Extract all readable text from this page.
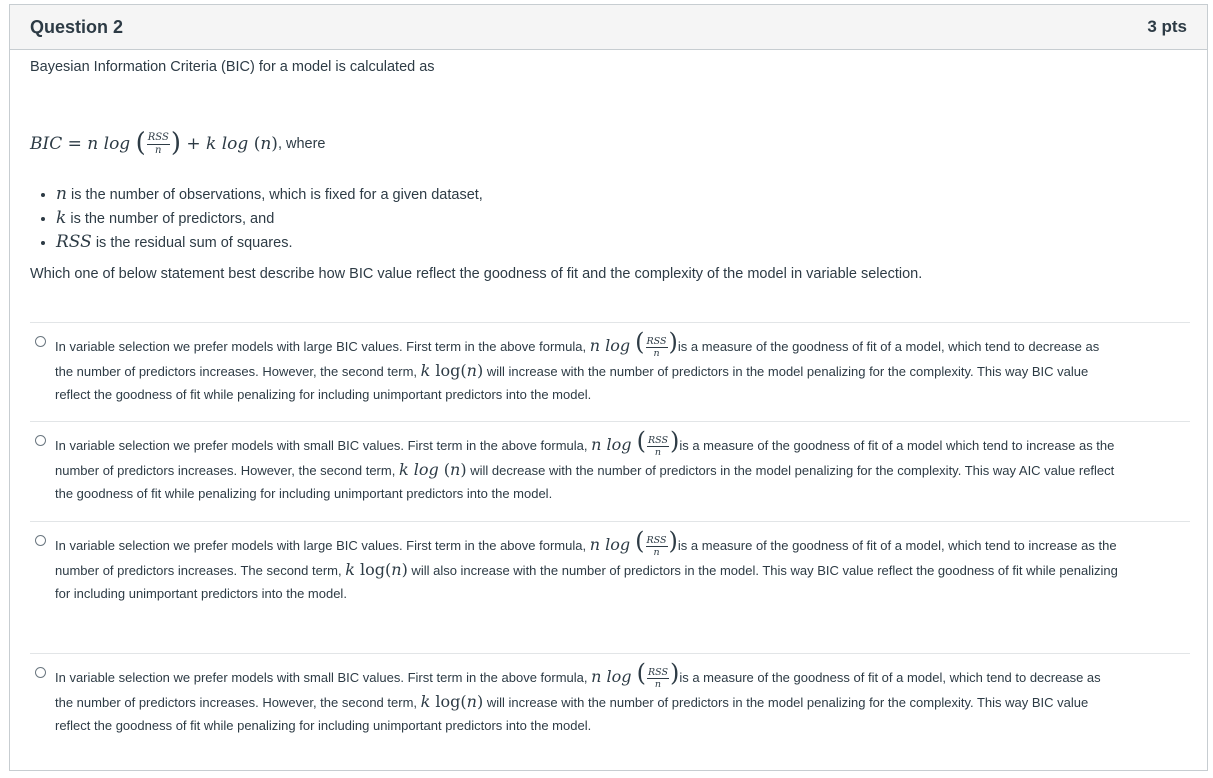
Question 2	3 pts
Bayesian Information Criteria (BIC) for a model is calculated as
BIC = n log ( $\frac{\text{RSS}}{n}$ ) + k log (n) , where
• n is the number of observations, which is fixed for a given dataset,
• k is the number of predictors, and
• RSS is the residual sum of squares.
Which one of below statement best describe how BIC value reflect the goodness of fit and the complexity of the model in variable selection.
In variable selection we prefer models with large BIC values. First term in the above formula, n log ( $\frac{\text{RSS}}{n} )is$ a measure of the goodness of fit of a model, which tend to decrease as
the number of predictors increases. However, the second term, k log(n) will increase with the number of predictors in the model penalizing for the complexity. This way BIC value
reflect the goodness of fit while penalizing for including unimportant predictors into the model.
In variable selection we prefer models with small BIC values. First term in the above formula, n log ( $\frac{\text{RSS}}{n} )is$ a measure of the goodness of fit of a model which tend to increase as the
number of predictors increases. However, the second term, k log (n) will decrease with the number of predictors in the model penalizing for the complexity. This way AIC value reflect
the goodness of fit while penalizing for including unimportant predictors into the model.
In variable selection we prefer models with large BIC values. First term in the above formula, n log ( $\frac{\text{RSS}}{n} )is$ a measure of the goodness of fit of a model, which tend to increase as the
number of predictors increases. The second term, k log(n) will also increase with the number of predictors in the model. This way BIC value reflect the goodness of fit while penalizing
for including unimportant predictors into the model.
In variable selection we prefer models with small BIC values. First term in the above formula, n log ( $\frac{\text{RSS}}{n} )is$ a measure of the goodness of fit of a model, which tend to decrease as
the number of predictors increases. However, the second term, k log(n) will increase with the number of predictors in the model penalizing for the complexity. This way BIC value
reflect the goodness of fit while penalizing for including unimportant predictors into the model.
